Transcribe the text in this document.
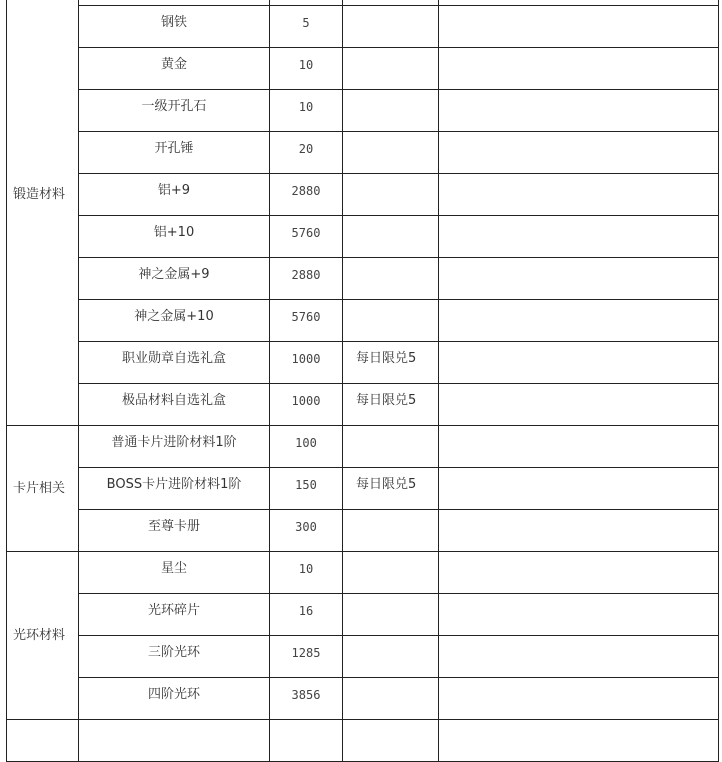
锻造材料				
	钢铁	5		
	黄金	10		
	一级开孔石	10		
	开孔锤	20		
	铝+9	2880		
	铝+10	5760		
	神之金属+9	2880		
	神之金属+10	5760		
	职业勋章自选礼盒	1000	每日限兑5	
	极品材料自选礼盒	1000	每日限兑5	
卡片相关	普通卡片进阶材料1阶	100		
	BOSS卡片进阶材料1阶	150	每日限兑5	
	至尊卡册	300		
光环材料	星尘	10		
	光环碎片	16		
	三阶光环	1285		
	四阶光环	3856		
